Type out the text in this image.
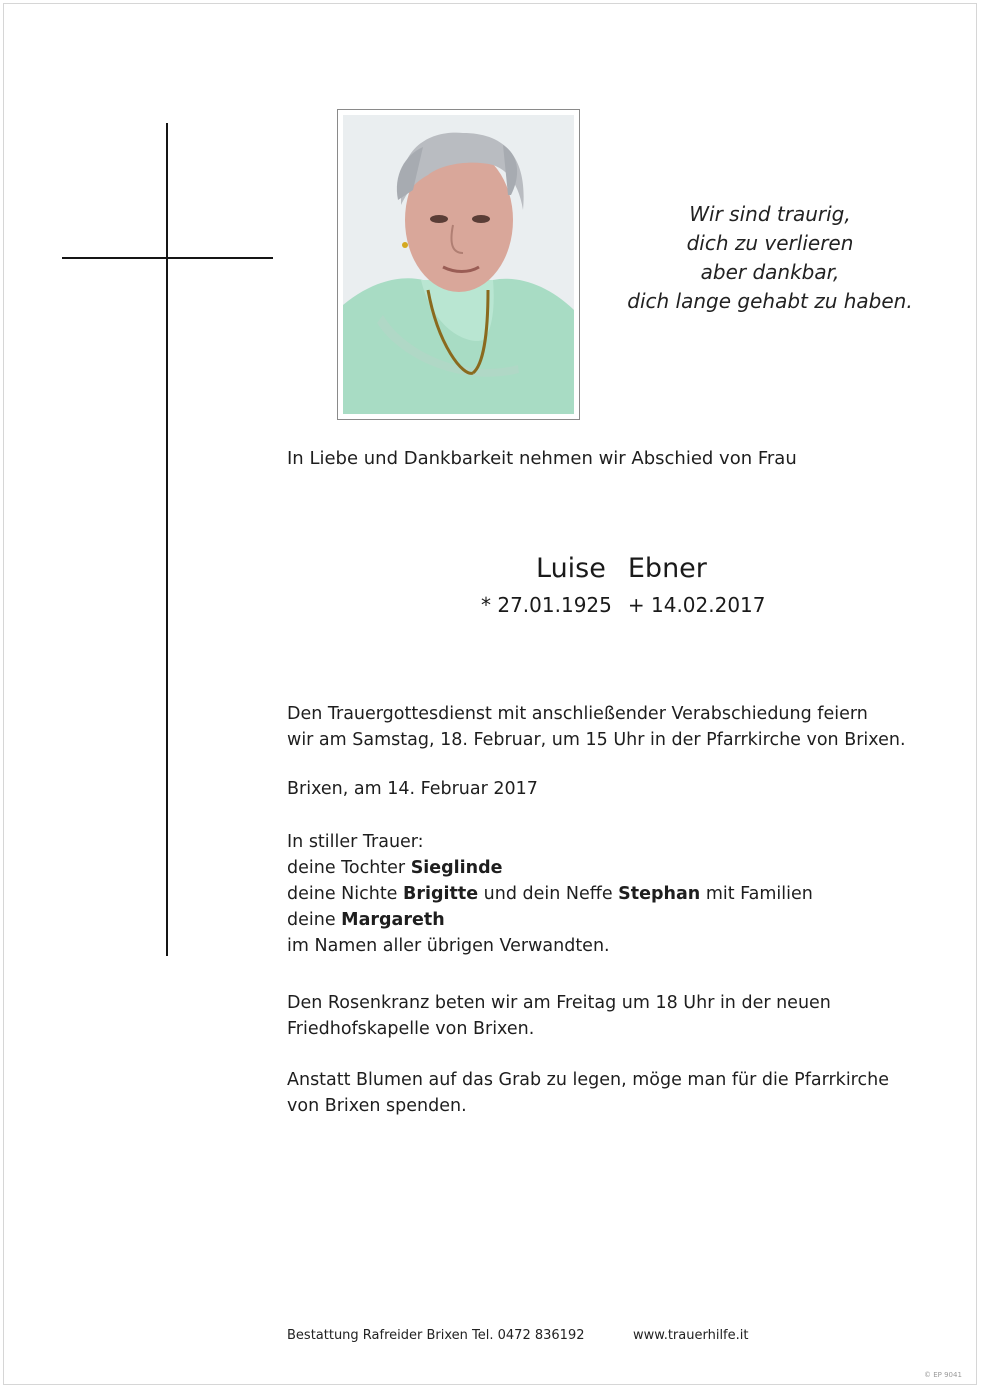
Wir sind traurig,
dich zu verlieren
aber dankbar,
dich lange gehabt zu haben.
In Liebe und Dankbarkeit nehmen wir Abschied von Frau
Luise Ebner
* 27.01.1925 + 14.02.2017

Den Trauergottesdienst mit anschließender Verabschiedung feiern

wir am Samstag, 18. Februar, um 15 Uhr in der Pfarrkirche von Brixen.

Brixen, am 14. Februar 2017

In stiller Trauer:

deine Tochter Sieglinde

deine Nichte Brigitte und dein Neffe Stephan mit Familien

deine Margareth

im Namen aller übrigen Verwandten.

Den Rosenkranz beten wir am Freitag um 18 Uhr in der neuen

Friedhofskapelle von Brixen.

Anstatt Blumen auf das Grab zu legen, möge man für die Pfarrkirche

von Brixen spenden.

Bestattung Rafreider Brixen Tel. 0472 836192	www.trauerhilfe.it
© EP 9041
